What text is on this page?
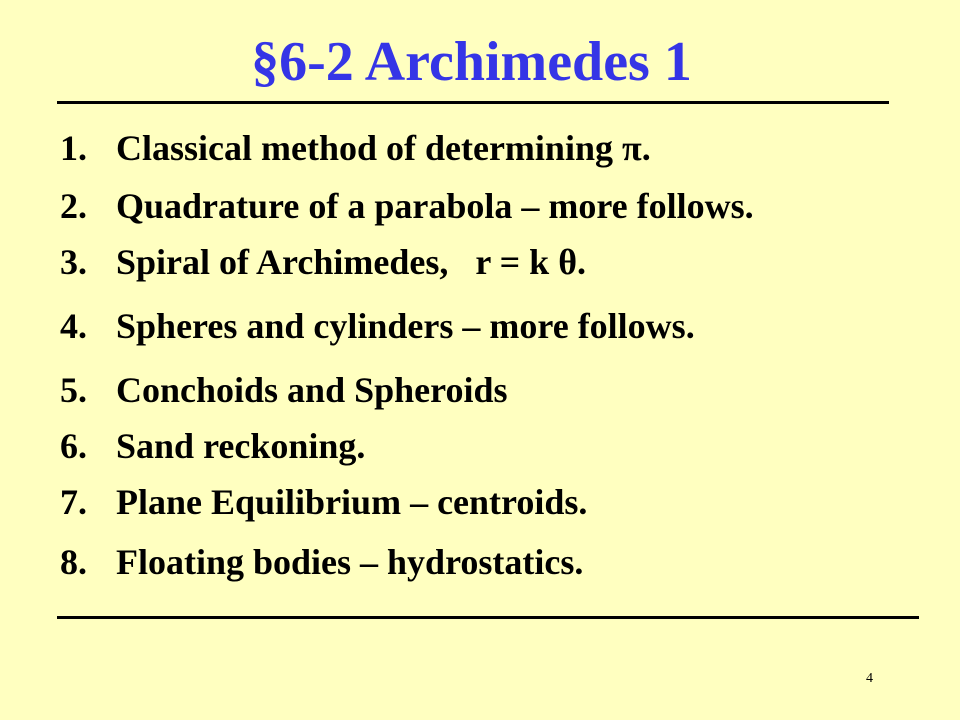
§6-2 Archimedes 1
1. Classical method of determining π.
2. Quadrature of a parabola – more follows.
3. Spiral of Archimedes,   r = k θ.
4. Spheres and cylinders – more follows.
5. Conchoids and Spheroids
6. Sand reckoning.
7. Plane Equilibrium – centroids.
8. Floating bodies – hydrostatics.
4
